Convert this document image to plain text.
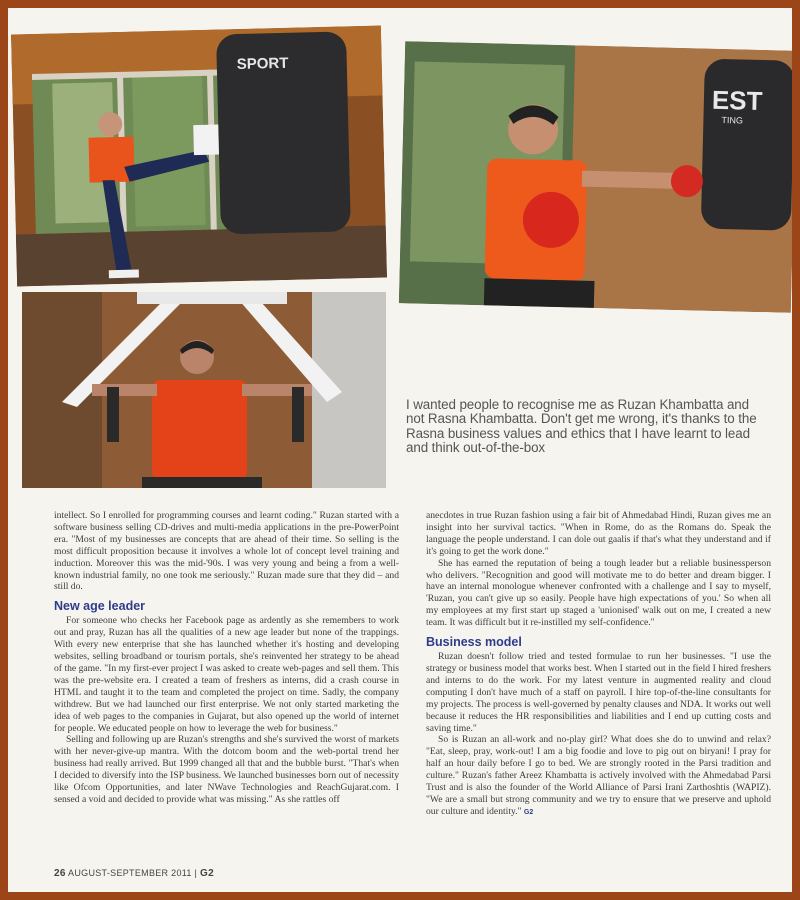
SPORT
EST
TING
I wanted people to recognise me as Ruzan Khambatta and not Rasna Khambatta. Don't get me wrong, it's thanks to the Rasna business values and ethics that I have learnt to lead and think out-of-the-box

intellect. So I enrolled for programming courses and learnt coding." Ruzan started with a software business selling CD-drives and multi-media applications in the pre-PowerPoint era. "Most of my businesses are concepts that are ahead of their time. So selling is the most difficult proposition because it involves a whole lot of concept level training and induction. Moreover this was the mid-'90s. I was very young and being a from a well-known industrial family, no one took me seriously." Ruzan made sure that they did – and still do.

New age leader

For someone who checks her Facebook page as ardently as she remembers to work out and pray, Ruzan has all the qualities of a new age leader but none of the trappings. With every new enterprise that she has launched whether it's hosting and developing websites, selling broadband or tourism portals, she's reinvented her strategy to be ahead of the game. "In my first-ever project I was asked to create web-pages and sell them. This was the pre-website era. I created a team of freshers as interns, did a crash course in HTML and taught it to the team and completed the project on time. Sadly, the company withdrew. But we had launched our first enterprise. We not only started marketing the idea of web pages to the companies in Gujarat, but also opened up the world of internet for people. We educated people on how to leverage the web for business."

Selling and following up are Ruzan's strengths and she's survived the worst of markets with her never-give-up mantra. With the dotcom boom and the web-portal trend her business had really arrived. But 1999 changed all that and the bubble burst. "That's when I decided to diversify into the ISP business. We launched businesses born out of necessity like Ofcom Opportunities, and later NWave Technologies and ReachGujarat.com. I sensed a void and decided to provide what was missing." As she rattles off

anecdotes in true Ruzan fashion using a fair bit of Ahmedabad Hindi, Ruzan gives me an insight into her survival tactics. "When in Rome, do as the Romans do. Speak the language the people understand. I can dole out gaalis if that's what they understand and if it's going to get the work done."

She has earned the reputation of being a tough leader but a reliable businessperson who delivers. "Recognition and good will motivate me to do better and dream bigger. I have an internal monologue whenever confronted with a challenge and I say to myself, 'Ruzan, you can't give up so easily. People have high expectations of you.' So when all my employees at my first start up staged a 'unionised' walk out on me, I created a new team. It was difficult but it re-instilled my self-confidence."

Business model

Ruzan doesn't follow tried and tested formulae to run her businesses. "I use the strategy or business model that works best. When I started out in the field I hired freshers and interns to do the work. For my latest venture in augmented reality and cloud computing I don't have much of a staff on payroll. I hire top-of-the-line consultants for my projects. The process is well-governed by penalty clauses and NDA. It works out well because it reduces the HR responsibilities and liabilities and I end up cutting costs and saving time."

So is Ruzan an all-work and no-play girl? What does she do to unwind and relax? "Eat, sleep, pray, work-out! I am a big foodie and love to pig out on biryani! I pray for half an hour daily before I go to bed. We are strongly rooted in the Parsi tradition and culture." Ruzan's father Areez Khambatta is actively involved with the Ahmedabad Parsi Trust and is also the founder of the World Alliance of Parsi Irani Zarthoshtis (WAPIZ). "We are a small but strong community and we try to ensure that we preserve and uphold our culture and identity." G2

26 AUGUST-SEPTEMBER 2011 | G2
